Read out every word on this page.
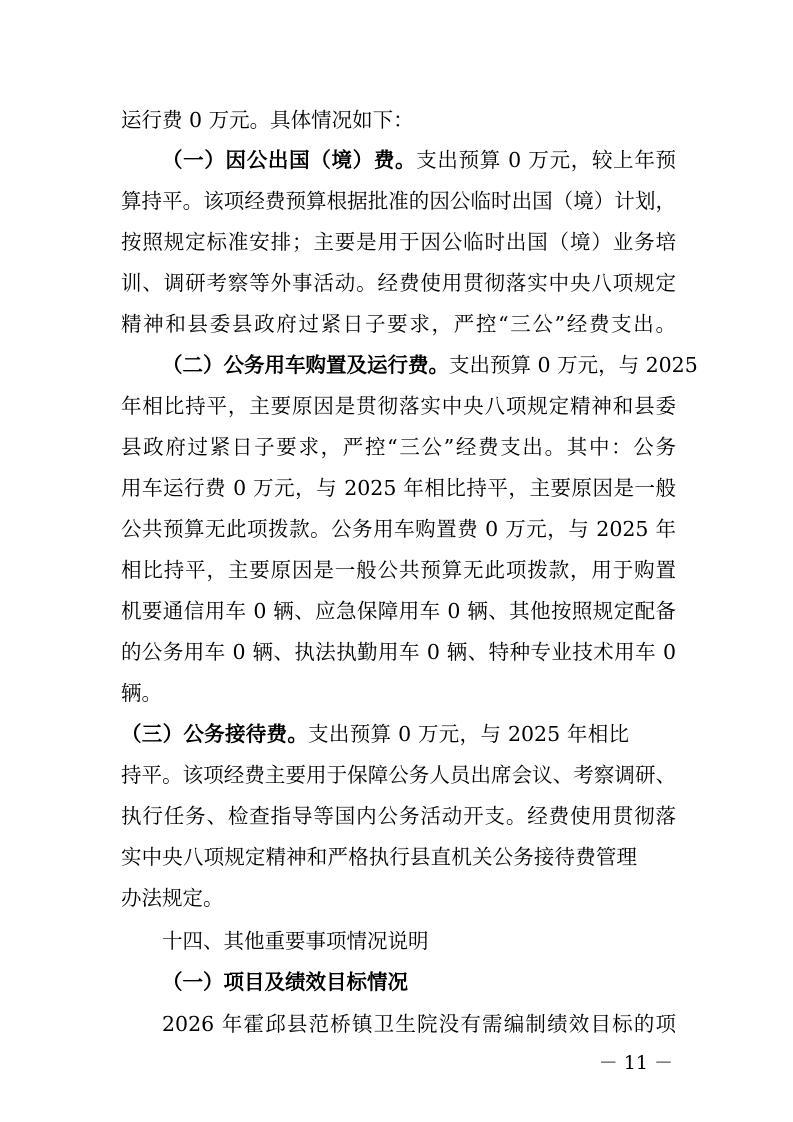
运行费 0 万元。具体情况如下：
（一）因公出国（境）费。支出预算 0 万元，较上年预
算持平。该项经费预算根据批准的因公临时出国（境）计划，
按照规定标准安排；主要是用于因公临时出国（境）业务培
训、调研考察等外事活动。经费使用贯彻落实中央八项规定
精神和县委县政府过紧日子要求，严控“三公”经费支出。
（二）公务用车购置及运行费。支出预算 0 万元，与 2025
年相比持平，主要原因是贯彻落实中央八项规定精神和县委
县政府过紧日子要求，严控“三公”经费支出。其中：公务
用车运行费 0 万元，与 2025 年相比持平，主要原因是一般
公共预算无此项拨款。公务用车购置费 0 万元，与 2025 年
相比持平，主要原因是一般公共预算无此项拨款，用于购置
机要通信用车 0 辆、应急保障用车 0 辆、其他按照规定配备
的公务用车 0 辆、执法执勤用车 0 辆、特种专业技术用车 0
辆。
（三）公务接待费。支出预算 0 万元，与 2025 年相比
持平。该项经费主要用于保障公务人员出席会议、考察调研、
执行任务、检查指导等国内公务活动开支。经费使用贯彻落
实中央八项规定精神和严格执行县直机关公务接待费管理
办法规定。
十四、其他重要事项情况说明
（一）项目及绩效目标情况
2026 年霍邱县范桥镇卫生院没有需编制绩效目标的项
－ 11 －
